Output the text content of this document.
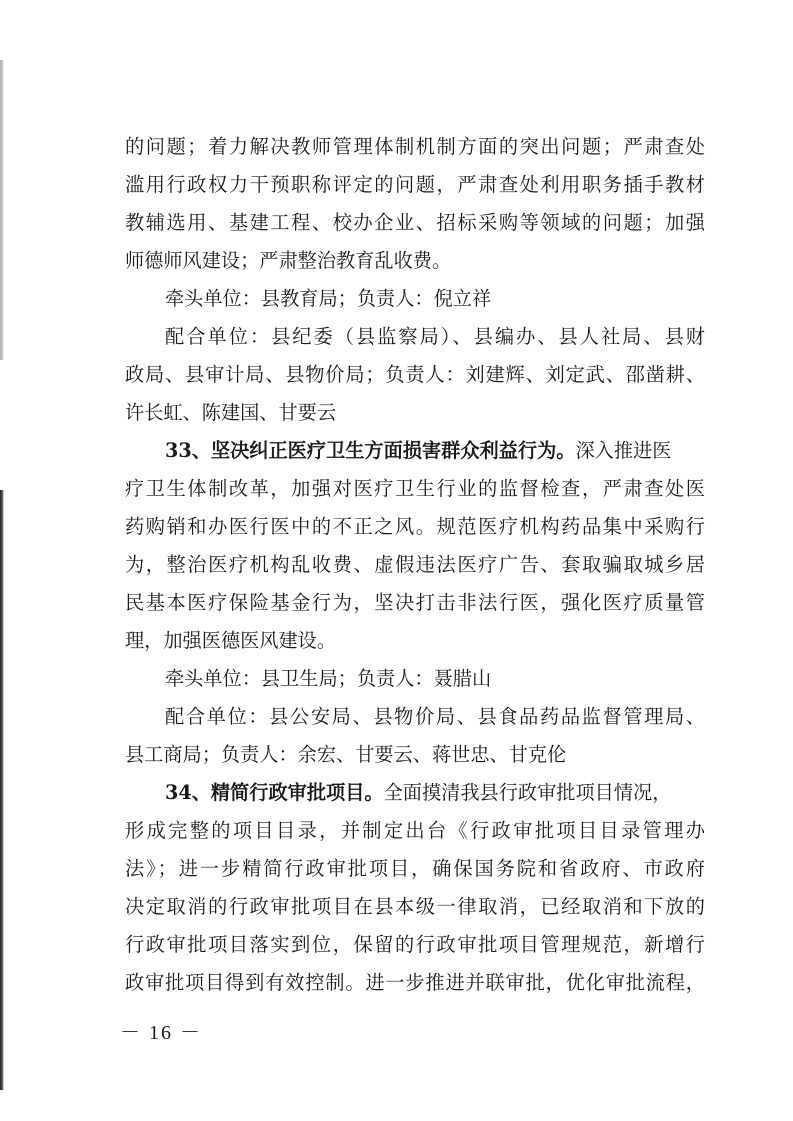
的问题；着力解决教师管理体制机制方面的突出问题；严肃查处
滥用行政权力干预职称评定的问题，严肃查处利用职务插手教材
教辅选用、基建工程、校办企业、招标采购等领域的问题；加强
师德师风建设；严肃整治教育乱收费。
牵头单位：县教育局；负责人：倪立祥
配合单位：县纪委（县监察局）、县编办、县人社局、县财
政局、县审计局、县物价局；负责人：刘建辉、刘定武、邵凿耕、
许长虹、陈建国、甘要云
33、坚决纠正医疗卫生方面损害群众利益行为。深入推进医
疗卫生体制改革，加强对医疗卫生行业的监督检查，严肃查处医
药购销和办医行医中的不正之风。规范医疗机构药品集中采购行
为，整治医疗机构乱收费、虚假违法医疗广告、套取骗取城乡居
民基本医疗保险基金行为，坚决打击非法行医，强化医疗质量管
理，加强医德医风建设。
牵头单位：县卫生局；负责人：聂腊山
配合单位：县公安局、县物价局、县食品药品监督管理局、
县工商局；负责人：余宏、甘要云、蒋世忠、甘克伦
34、精简行政审批项目。全面摸清我县行政审批项目情况，
形成完整的项目目录，并制定出台《行政审批项目目录管理办
法》；进一步精简行政审批项目，确保国务院和省政府、市政府
决定取消的行政审批项目在县本级一律取消，已经取消和下放的
行政审批项目落实到位，保留的行政审批项目管理规范，新增行
政审批项目得到有效控制。进一步推进并联审批，优化审批流程，
－ 16 －
